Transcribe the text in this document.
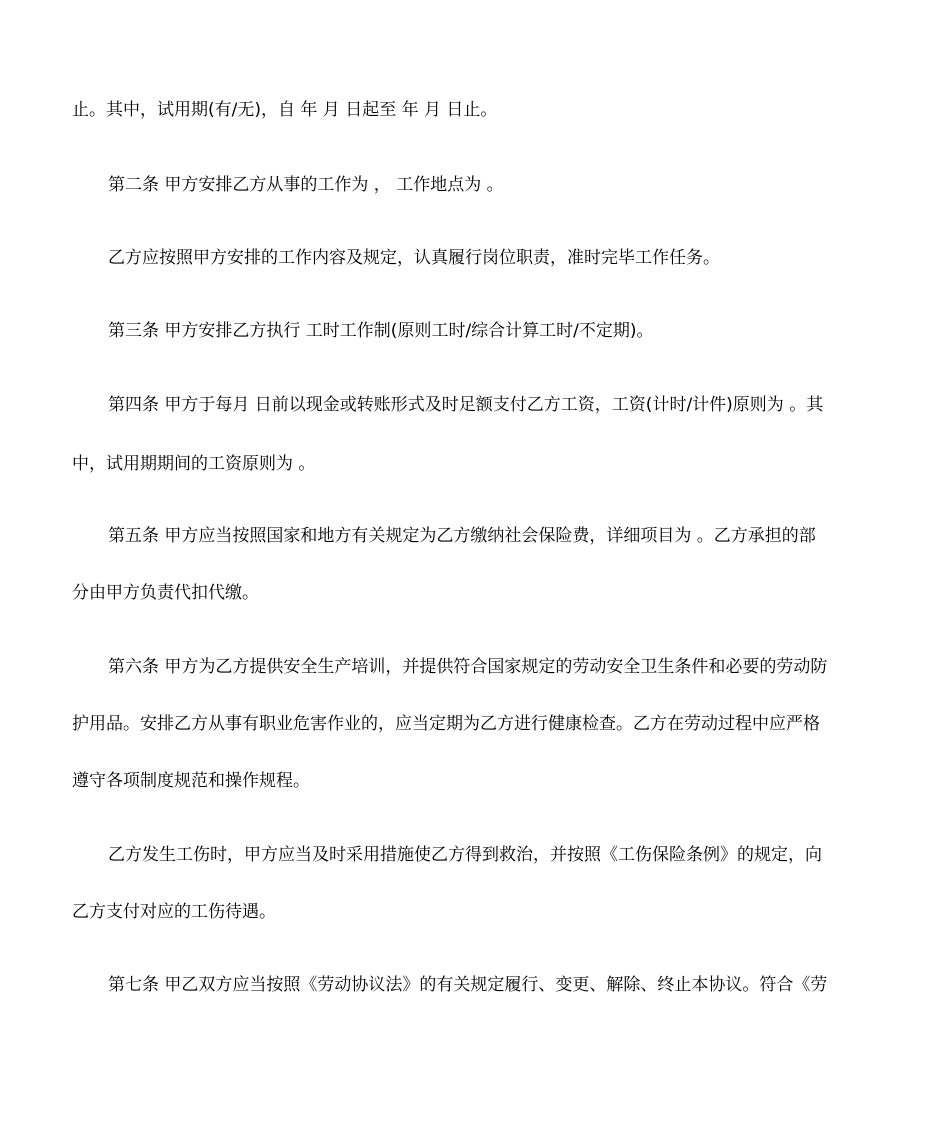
止。其中，试用期(有/无)，自 年 月 日起至 年 月 日止。
第二条 甲方安排乙方从事的工作为 ， 工作地点为 。
乙方应按照甲方安排的工作内容及规定，认真履行岗位职责，准时完毕工作任务。
第三条 甲方安排乙方执行 工时工作制(原则工时/综合计算工时/不定期)。
第四条 甲方于每月 日前以现金或转账形式及时足额支付乙方工资，工资(计时/计件)原则为 。其
中，试用期期间的工资原则为 。
第五条 甲方应当按照国家和地方有关规定为乙方缴纳社会保险费，详细项目为 。乙方承担的部
分由甲方负责代扣代缴。
第六条 甲方为乙方提供安全生产培训，并提供符合国家规定的劳动安全卫生条件和必要的劳动防
护用品。安排乙方从事有职业危害作业的，应当定期为乙方进行健康检查。乙方在劳动过程中应严格
遵守各项制度规范和操作规程。
乙方发生工伤时，甲方应当及时采用措施使乙方得到救治，并按照《工伤保险条例》的规定，向
乙方支付对应的工伤待遇。
第七条 甲乙双方应当按照《劳动协议法》的有关规定履行、变更、解除、终止本协议。符合《劳
